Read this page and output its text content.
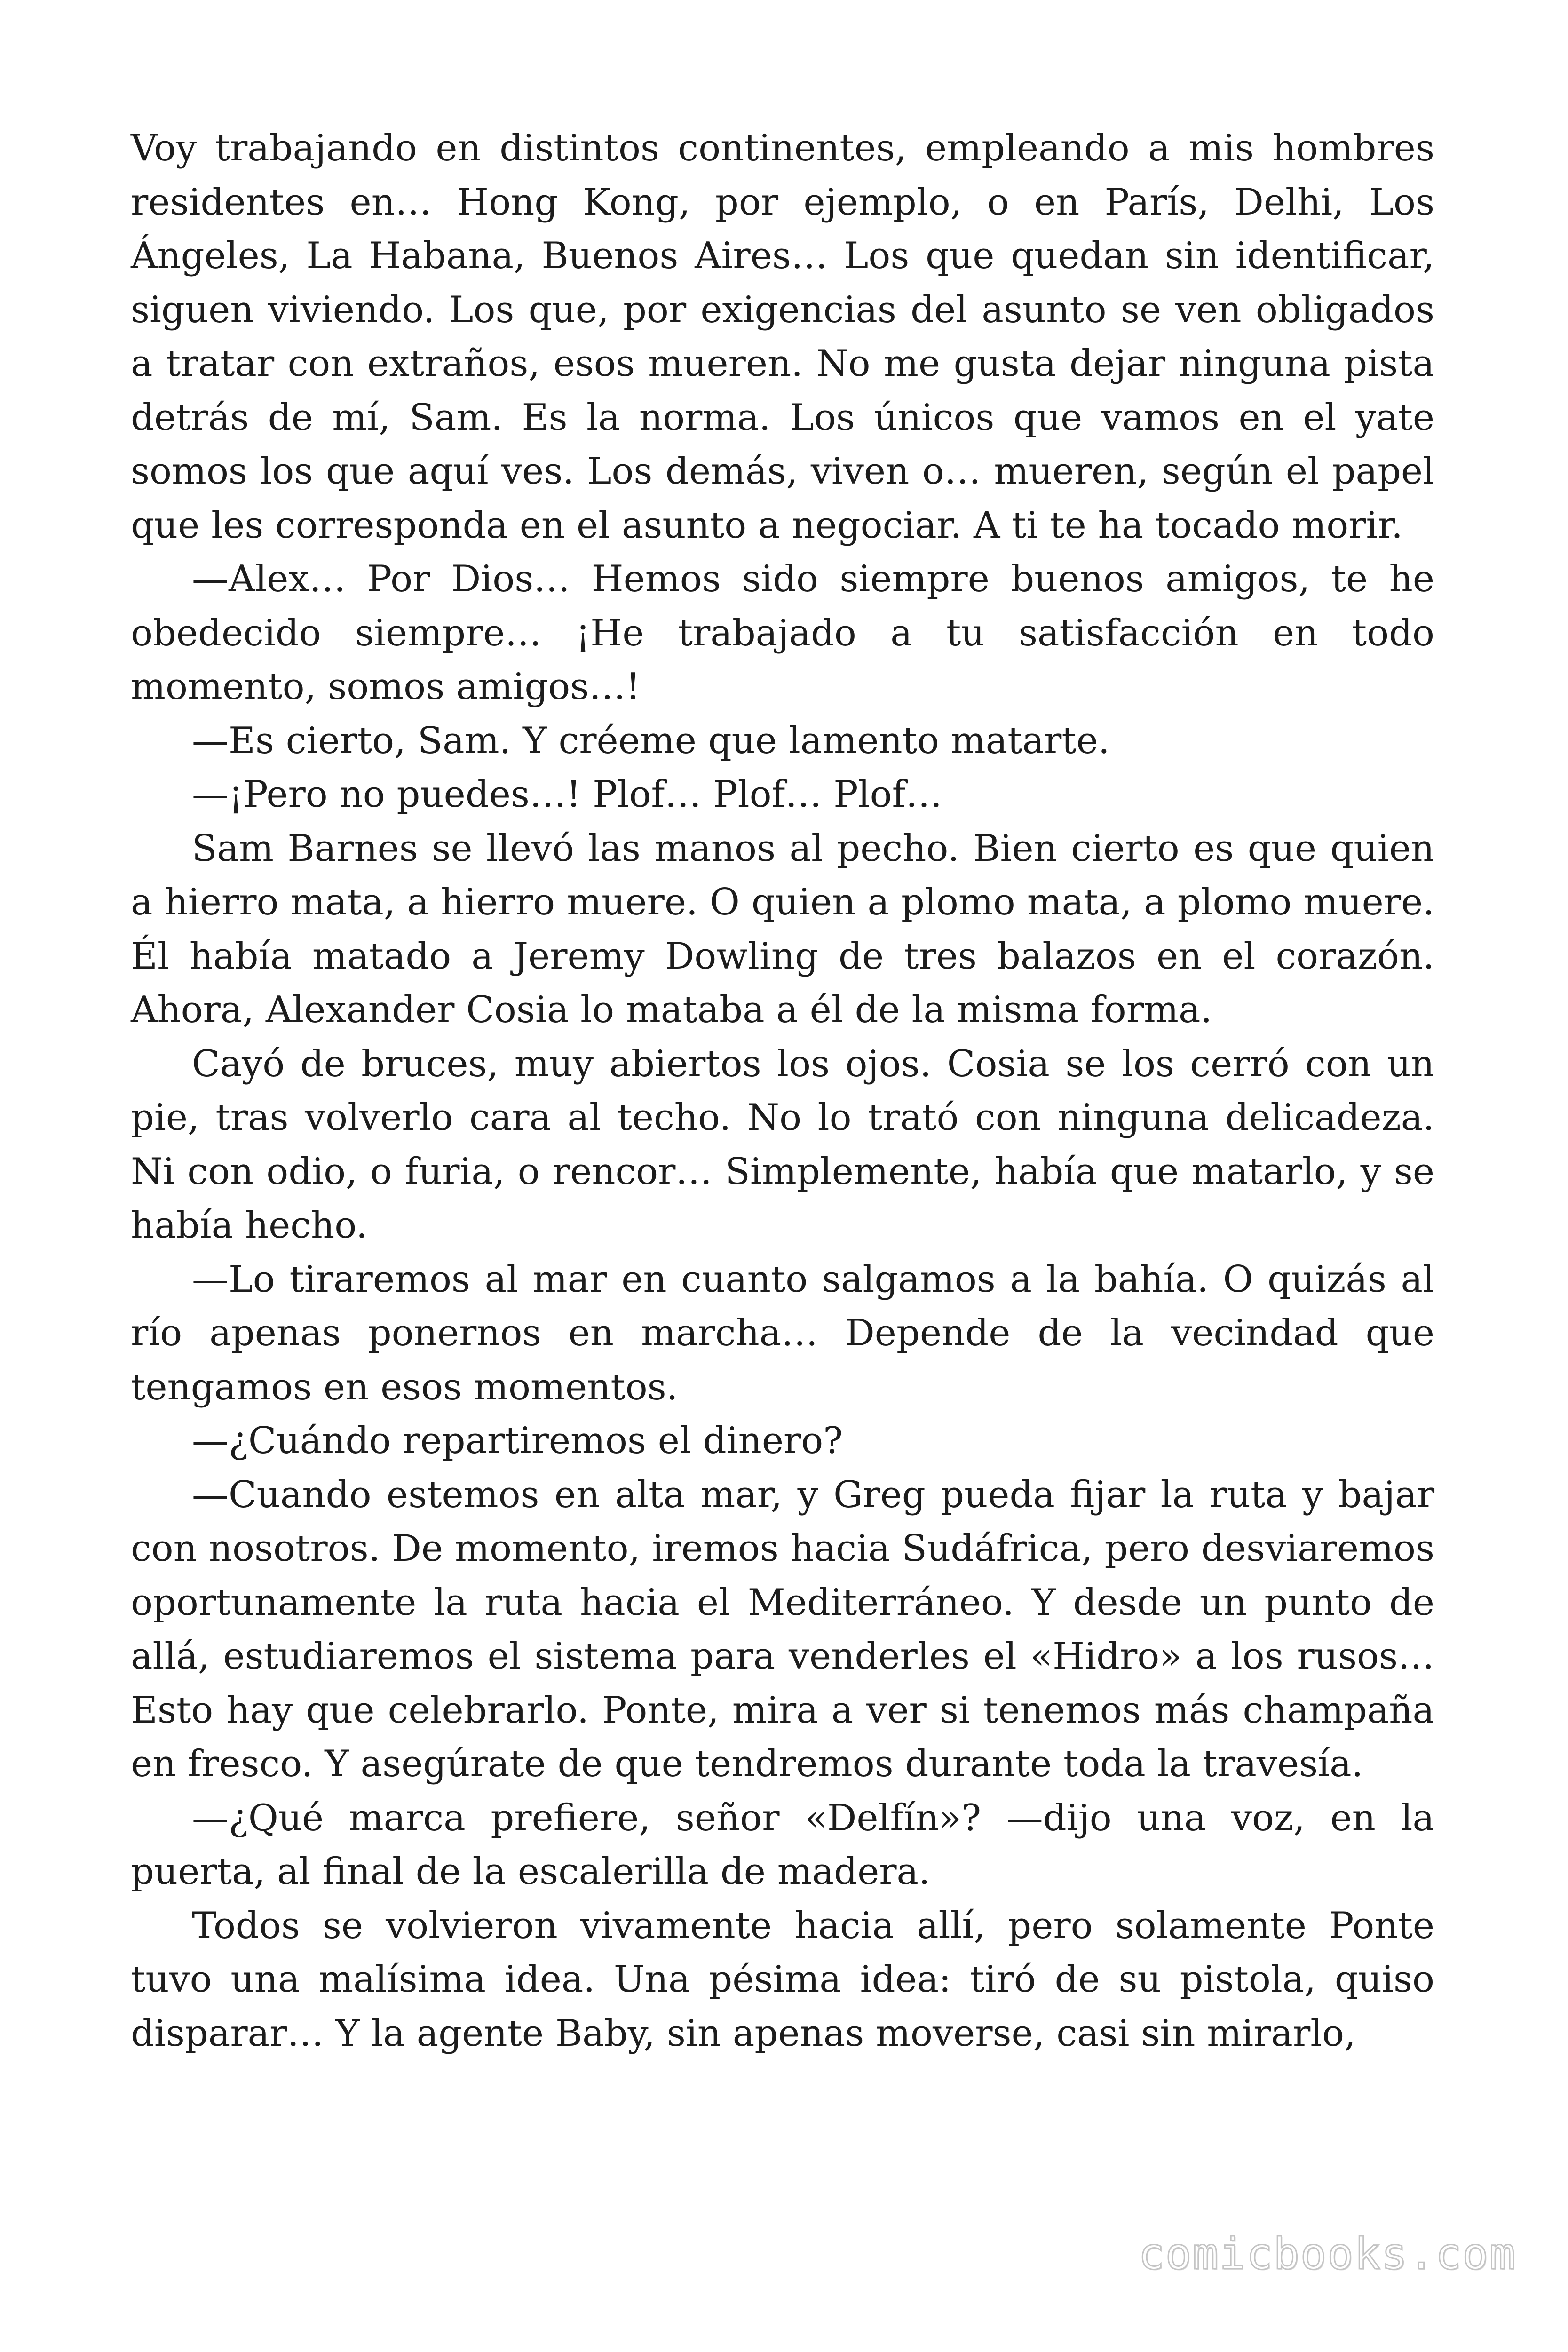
Voy trabajando en distintos continentes, empleando a mis hombres residentes en… Hong Kong, por ejemplo, o en París, Delhi, Los Ángeles, La Habana, Buenos Aires… Los que quedan sin identificar, siguen viviendo. Los que, por exigencias del asunto se ven obligados a tratar con extraños, esos mueren. No me gusta dejar ninguna pista detrás de mí, Sam. Es la norma. Los únicos que vamos en el yate somos los que aquí ves. Los demás, viven o… mueren, según el papel que les corresponda en el asunto a negociar. A ti te ha tocado morir.

—Alex… Por Dios… Hemos sido siempre buenos amigos, te he obedecido siempre… ¡He trabajado a tu satisfacción en todo momento, somos amigos…!

—Es cierto, Sam. Y créeme que lamento matarte.

—¡Pero no puedes…! Plof… Plof… Plof…

Sam Barnes se llevó las manos al pecho. Bien cierto es que quien a hierro mata, a hierro muere. O quien a plomo mata, a plomo muere. Él había matado a Jeremy Dowling de tres balazos en el corazón. Ahora, Alexander Cosia lo mataba a él de la misma forma.

Cayó de bruces, muy abiertos los ojos. Cosia se los cerró con un pie, tras volverlo cara al techo. No lo trató con ninguna delicadeza. Ni con odio, o furia, o rencor… Simplemente, había que matarlo, y se había hecho.

—Lo tiraremos al mar en cuanto salgamos a la bahía. O quizás al río apenas ponernos en marcha… Depende de la vecindad que tengamos en esos momentos.

—¿Cuándo repartiremos el dinero?

—Cuando estemos en alta mar, y Greg pueda fijar la ruta y bajar con nosotros. De momento, iremos hacia Sudáfrica, pero desviaremos oportunamente la ruta hacia el Mediterráneo. Y desde un punto de allá, estudiaremos el sistema para venderles el «Hidro» a los rusos… Esto hay que celebrarlo. Ponte, mira a ver si tenemos más champaña en fresco. Y asegúrate de que tendremos durante toda la travesía.

—¿Qué marca prefiere, señor «Delfín»? —dijo una voz, en la puerta, al final de la escalerilla de madera.

Todos se volvieron vivamente hacia allí, pero solamente Ponte tuvo una malísima idea. Una pésima idea: tiró de su pistola, quiso disparar… Y la agente Baby, sin apenas moverse, casi sin mirarlo,

comicbooks.com
